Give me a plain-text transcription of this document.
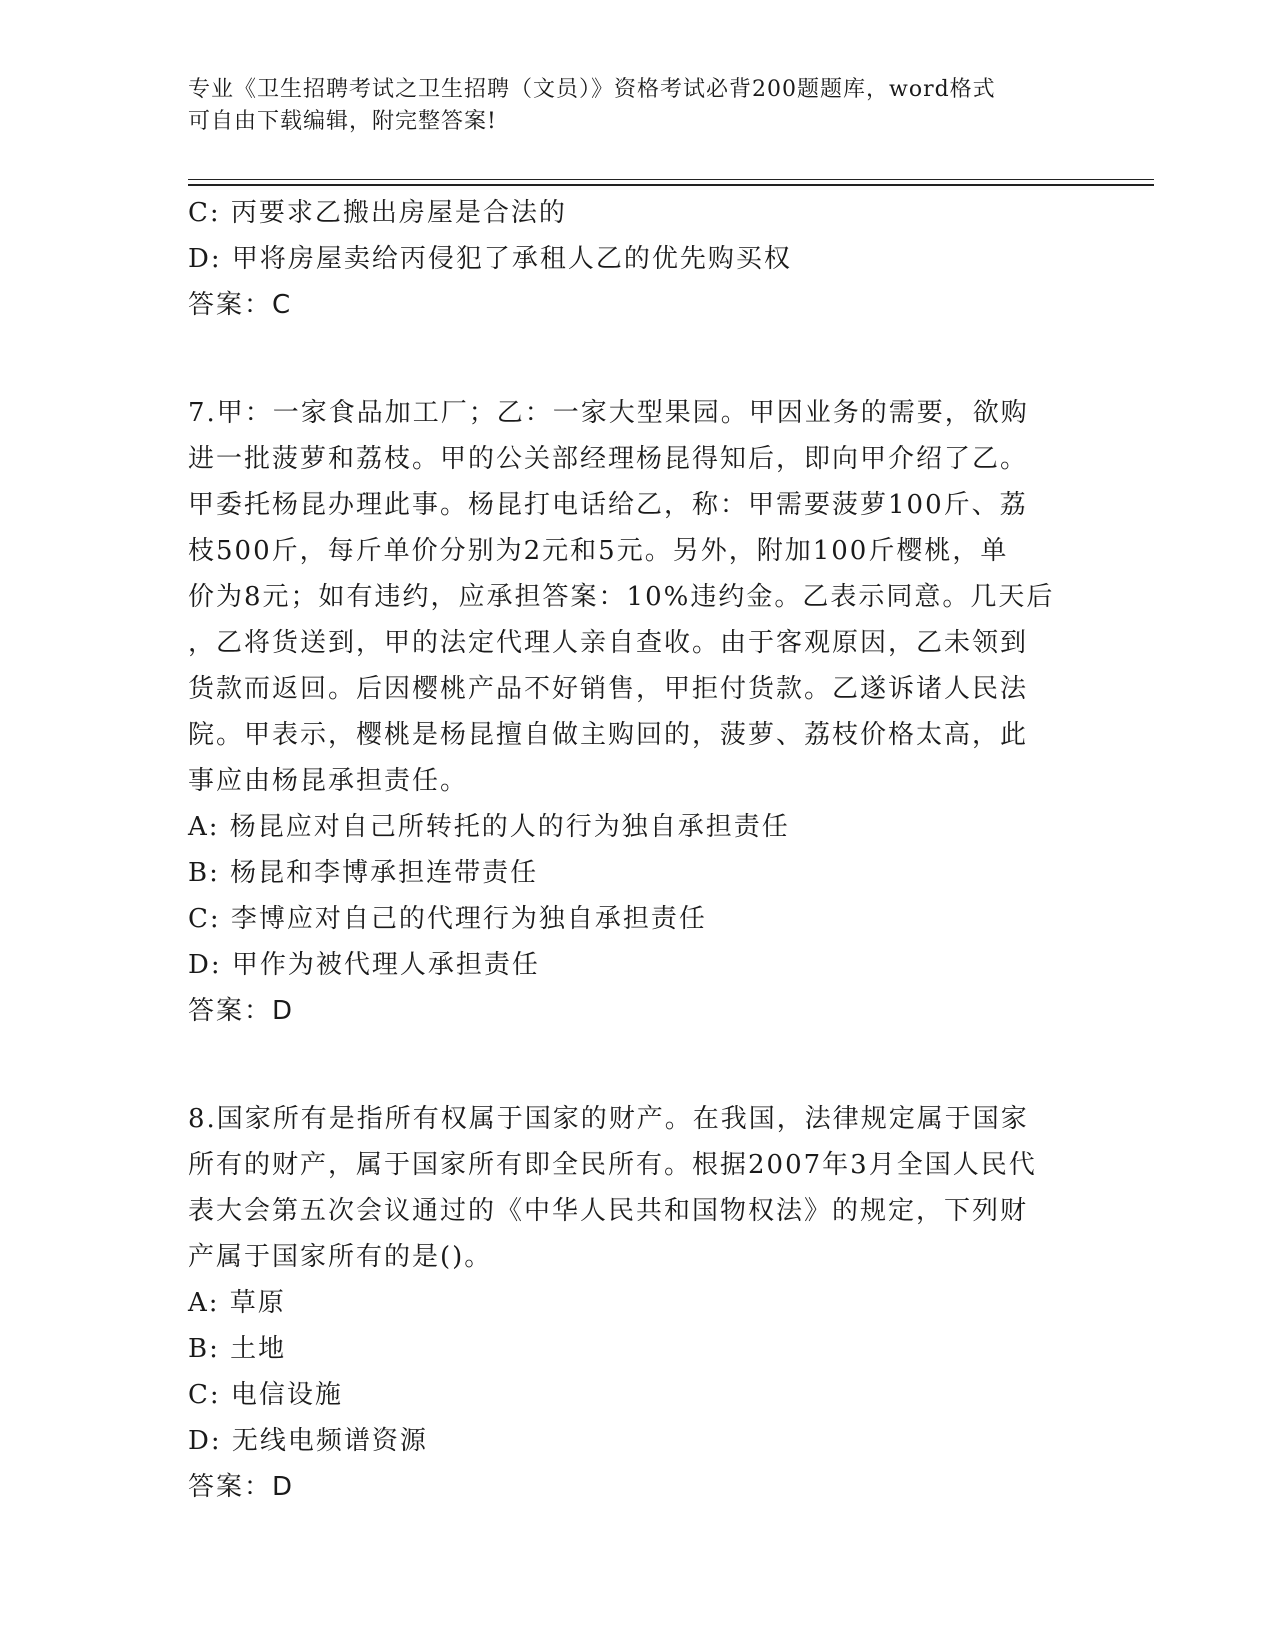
专业《卫生招聘考试之卫生招聘（文员）》资格考试必背200题题库，word格式

可自由下载编辑，附完整答案!

C: 丙要求乙搬出房屋是合法的

D: 甲将房屋卖给丙侵犯了承租人乙的优先购买权

答案：C

7.甲：一家食品加工厂；乙：一家大型果园。甲因业务的需要，欲购

进一批菠萝和荔枝。甲的公关部经理杨昆得知后，即向甲介绍了乙。

甲委托杨昆办理此事。杨昆打电话给乙，称：甲需要菠萝100斤、荔

枝500斤，每斤单价分别为2元和5元。另外，附加100斤樱桃，单

价为8元；如有违约，应承担答案：10%违约金。乙表示同意。几天后

，乙将货送到，甲的法定代理人亲自查收。由于客观原因，乙未领到

货款而返回。后因樱桃产品不好销售，甲拒付货款。乙遂诉诸人民法

院。甲表示，樱桃是杨昆擅自做主购回的，菠萝、荔枝价格太高，此

事应由杨昆承担责任。

A: 杨昆应对自己所转托的人的行为独自承担责任

B: 杨昆和李博承担连带责任

C: 李博应对自己的代理行为独自承担责任

D: 甲作为被代理人承担责任

答案：D

8.国家所有是指所有权属于国家的财产。在我国，法律规定属于国家

所有的财产，属于国家所有即全民所有。根据2007年3月全国人民代

表大会第五次会议通过的《中华人民共和国物权法》的规定，下列财

产属于国家所有的是()。

A: 草原

B: 土地

C: 电信设施

D: 无线电频谱资源

答案：D
